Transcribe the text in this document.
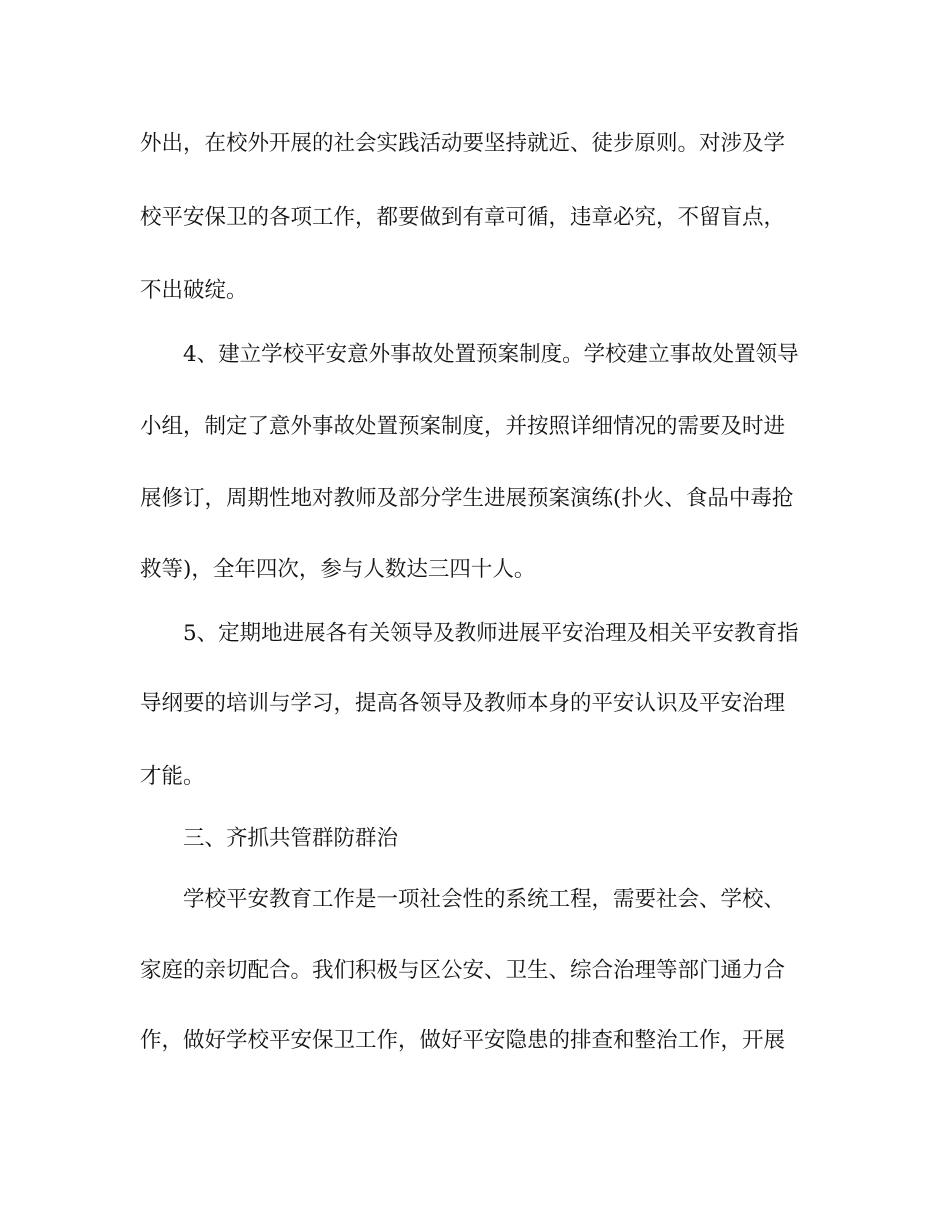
外出，在校外开展的社会实践活动要坚持就近、徒步原则。对涉及学
校平安保卫的各项工作，都要做到有章可循，违章必究，不留盲点，
不出破绽。
4、建立学校平安意外事故处置预案制度。学校建立事故处置领导
小组，制定了意外事故处置预案制度，并按照详细情况的需要及时进
展修订，周期性地对教师及部分学生进展预案演练(扑火、食品中毒抢
救等)，全年四次，参与人数达三四十人。
5、定期地进展各有关领导及教师进展平安治理及相关平安教育指
导纲要的培训与学习，提高各领导及教师本身的平安认识及平安治理
才能。
三、齐抓共管群防群治
学校平安教育工作是一项社会性的系统工程，需要社会、学校、
家庭的亲切配合。我们积极与区公安、卫生、综合治理等部门通力合
作，做好学校平安保卫工作，做好平安隐患的排查和整治工作，开展
